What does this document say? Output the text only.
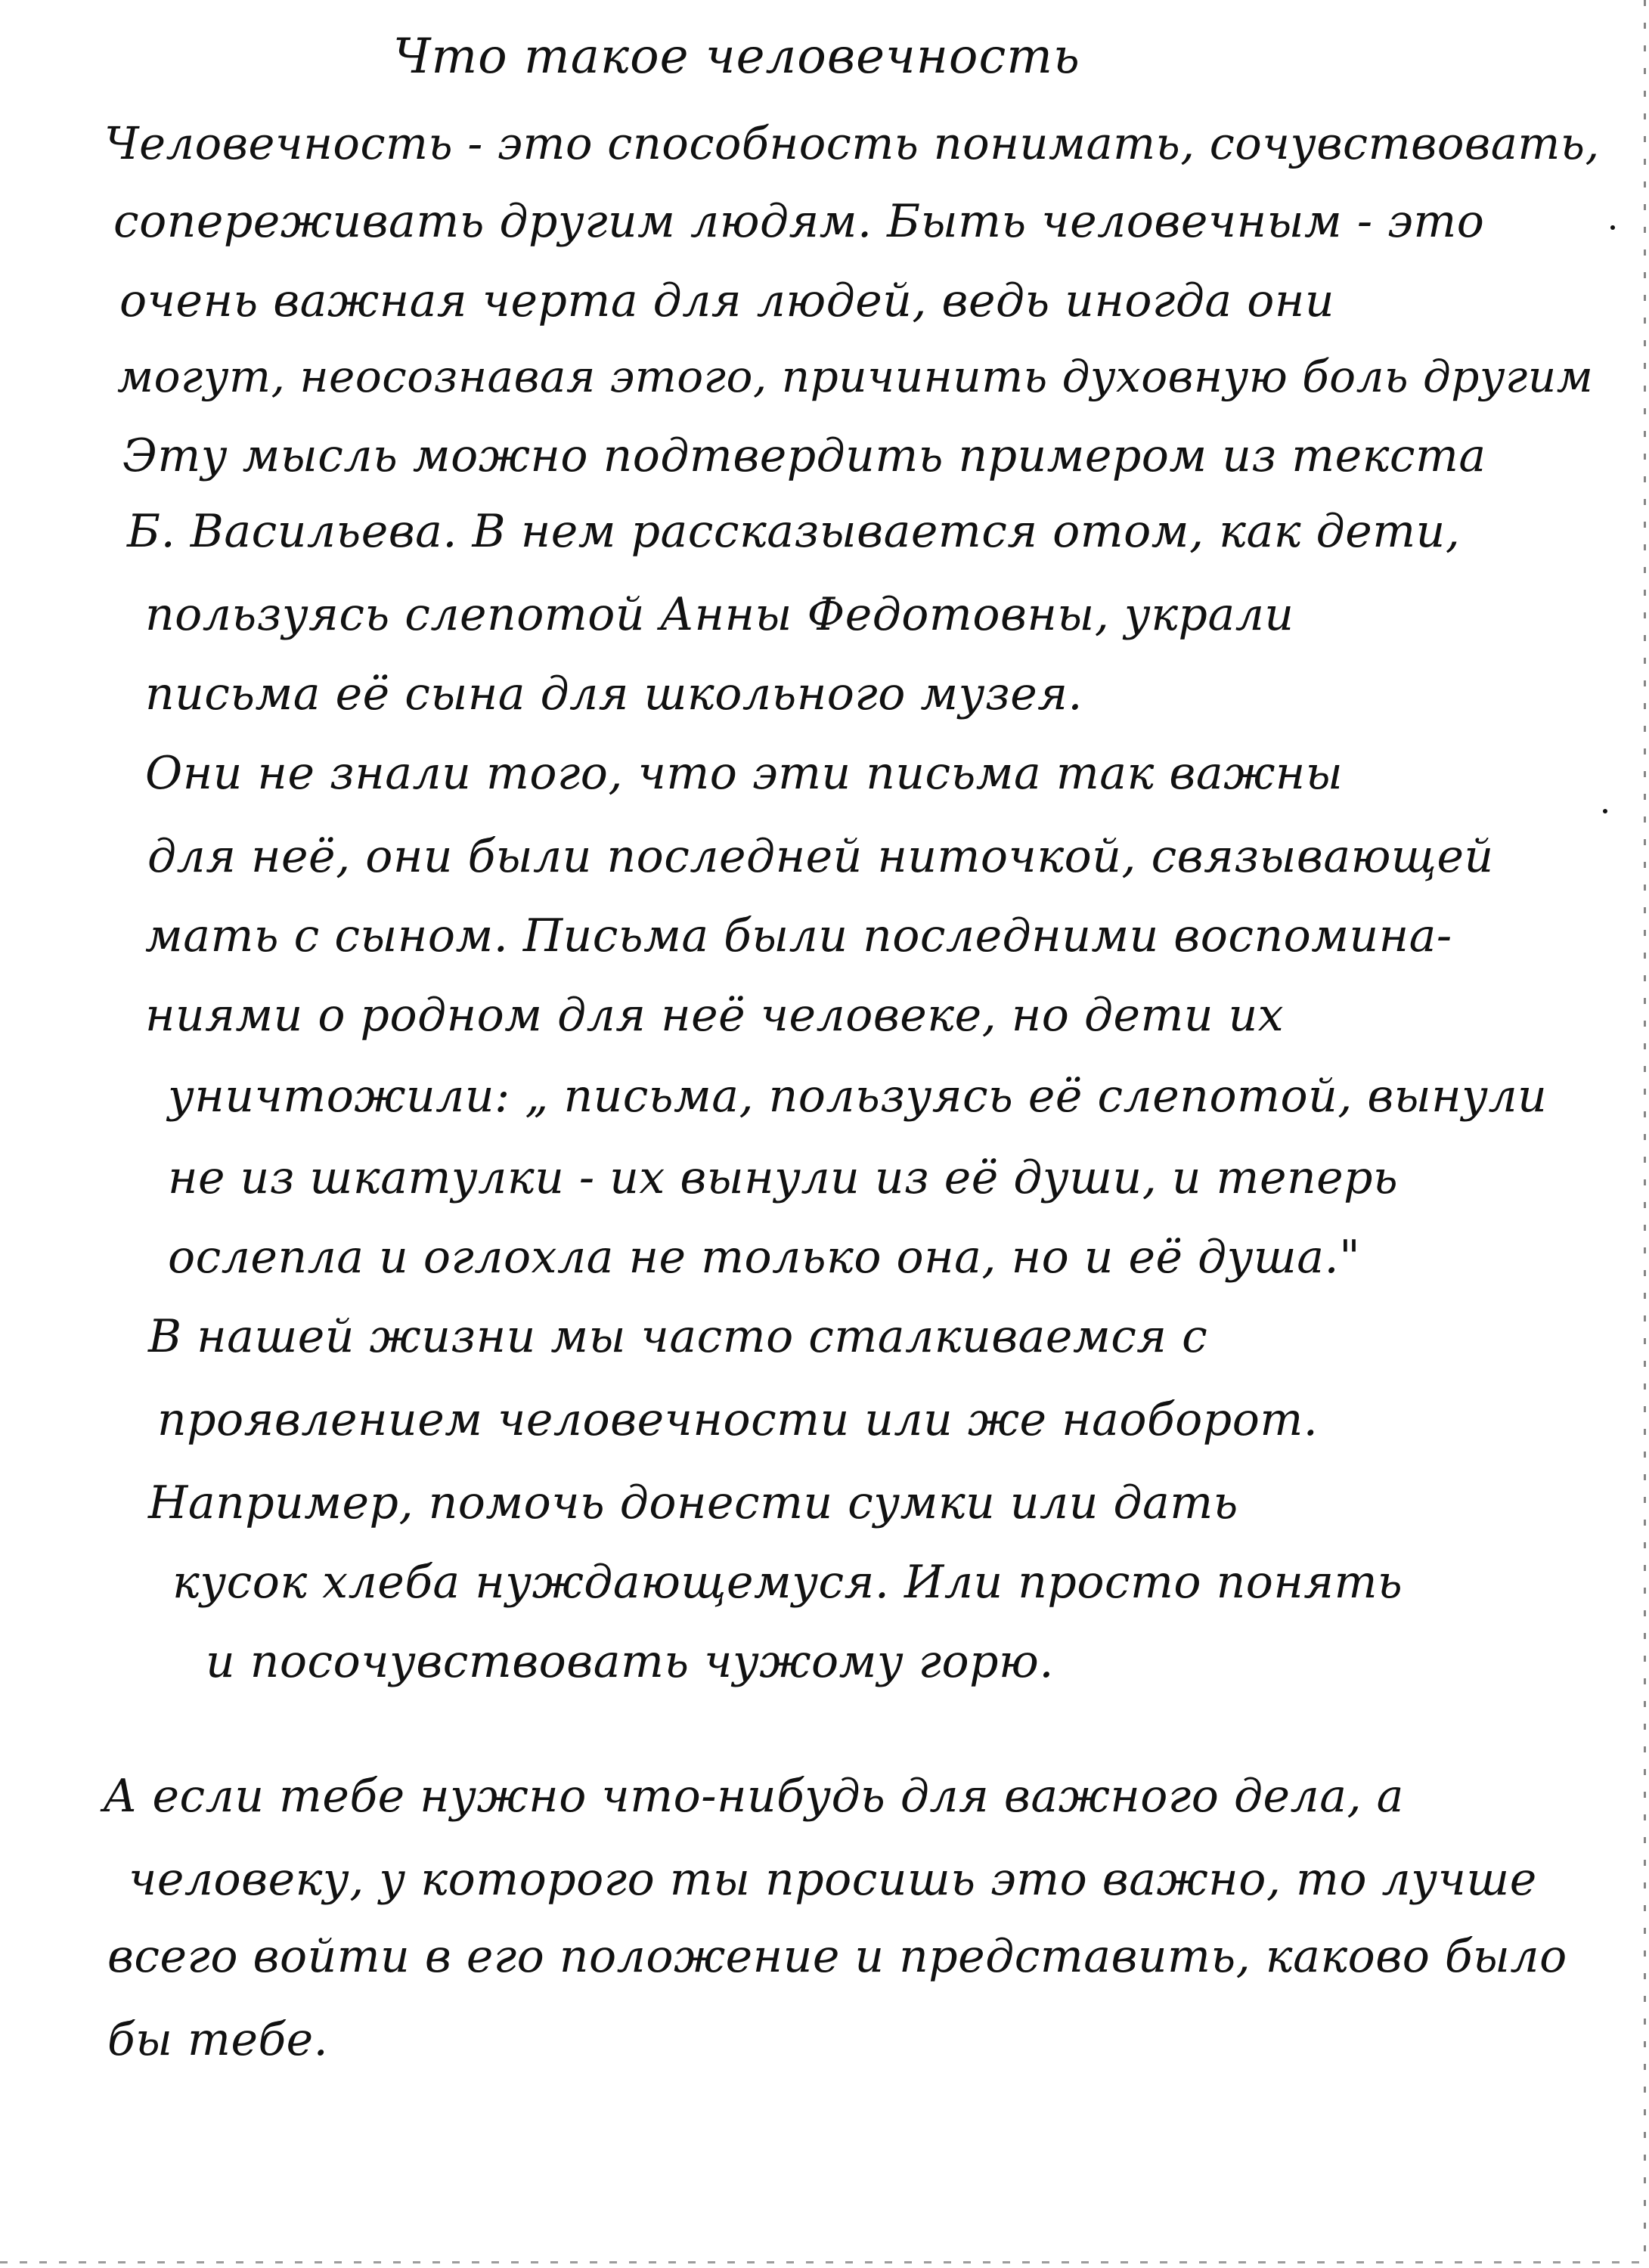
Что такое человечность
Человечность - это способность понимать, сочувствовать,
сопереживать другим людям. Быть человечным - это
очень важная черта для людей, ведь иногда они
могут, неосознавая этого, причинить духовную боль другим
Эту мысль можно подтвердить примером из текста
Б. Васильева. В нем рассказывается отом, как дети,
пользуясь слепотой Анны Федотовны, украли
письма её сына для школьного музея.
Они не знали того, что эти письма так важны
для неё, они были последней ниточкой, связывающей
мать с сыном. Письма были последними воспомина-
ниями о родном для неё человеке, но дети их
уничтожили: „ письма, пользуясь её слепотой, вынули
не из шкатулки - их вынули из её души, и теперь
ослепла и оглохла не только она, но и её душа."
В нашей жизни мы часто сталкиваемся с
проявлением человечности или же наоборот.
Например, помочь донести сумки или дать
кусок хлеба нуждающемуся. Или просто понять
и посочувствовать чужому горю.
А если тебе нужно что-нибудь для важного дела, а
человеку, у которого ты просишь это важно, то лучше
всего войти в его положение и представить, каково было
бы тебе.
